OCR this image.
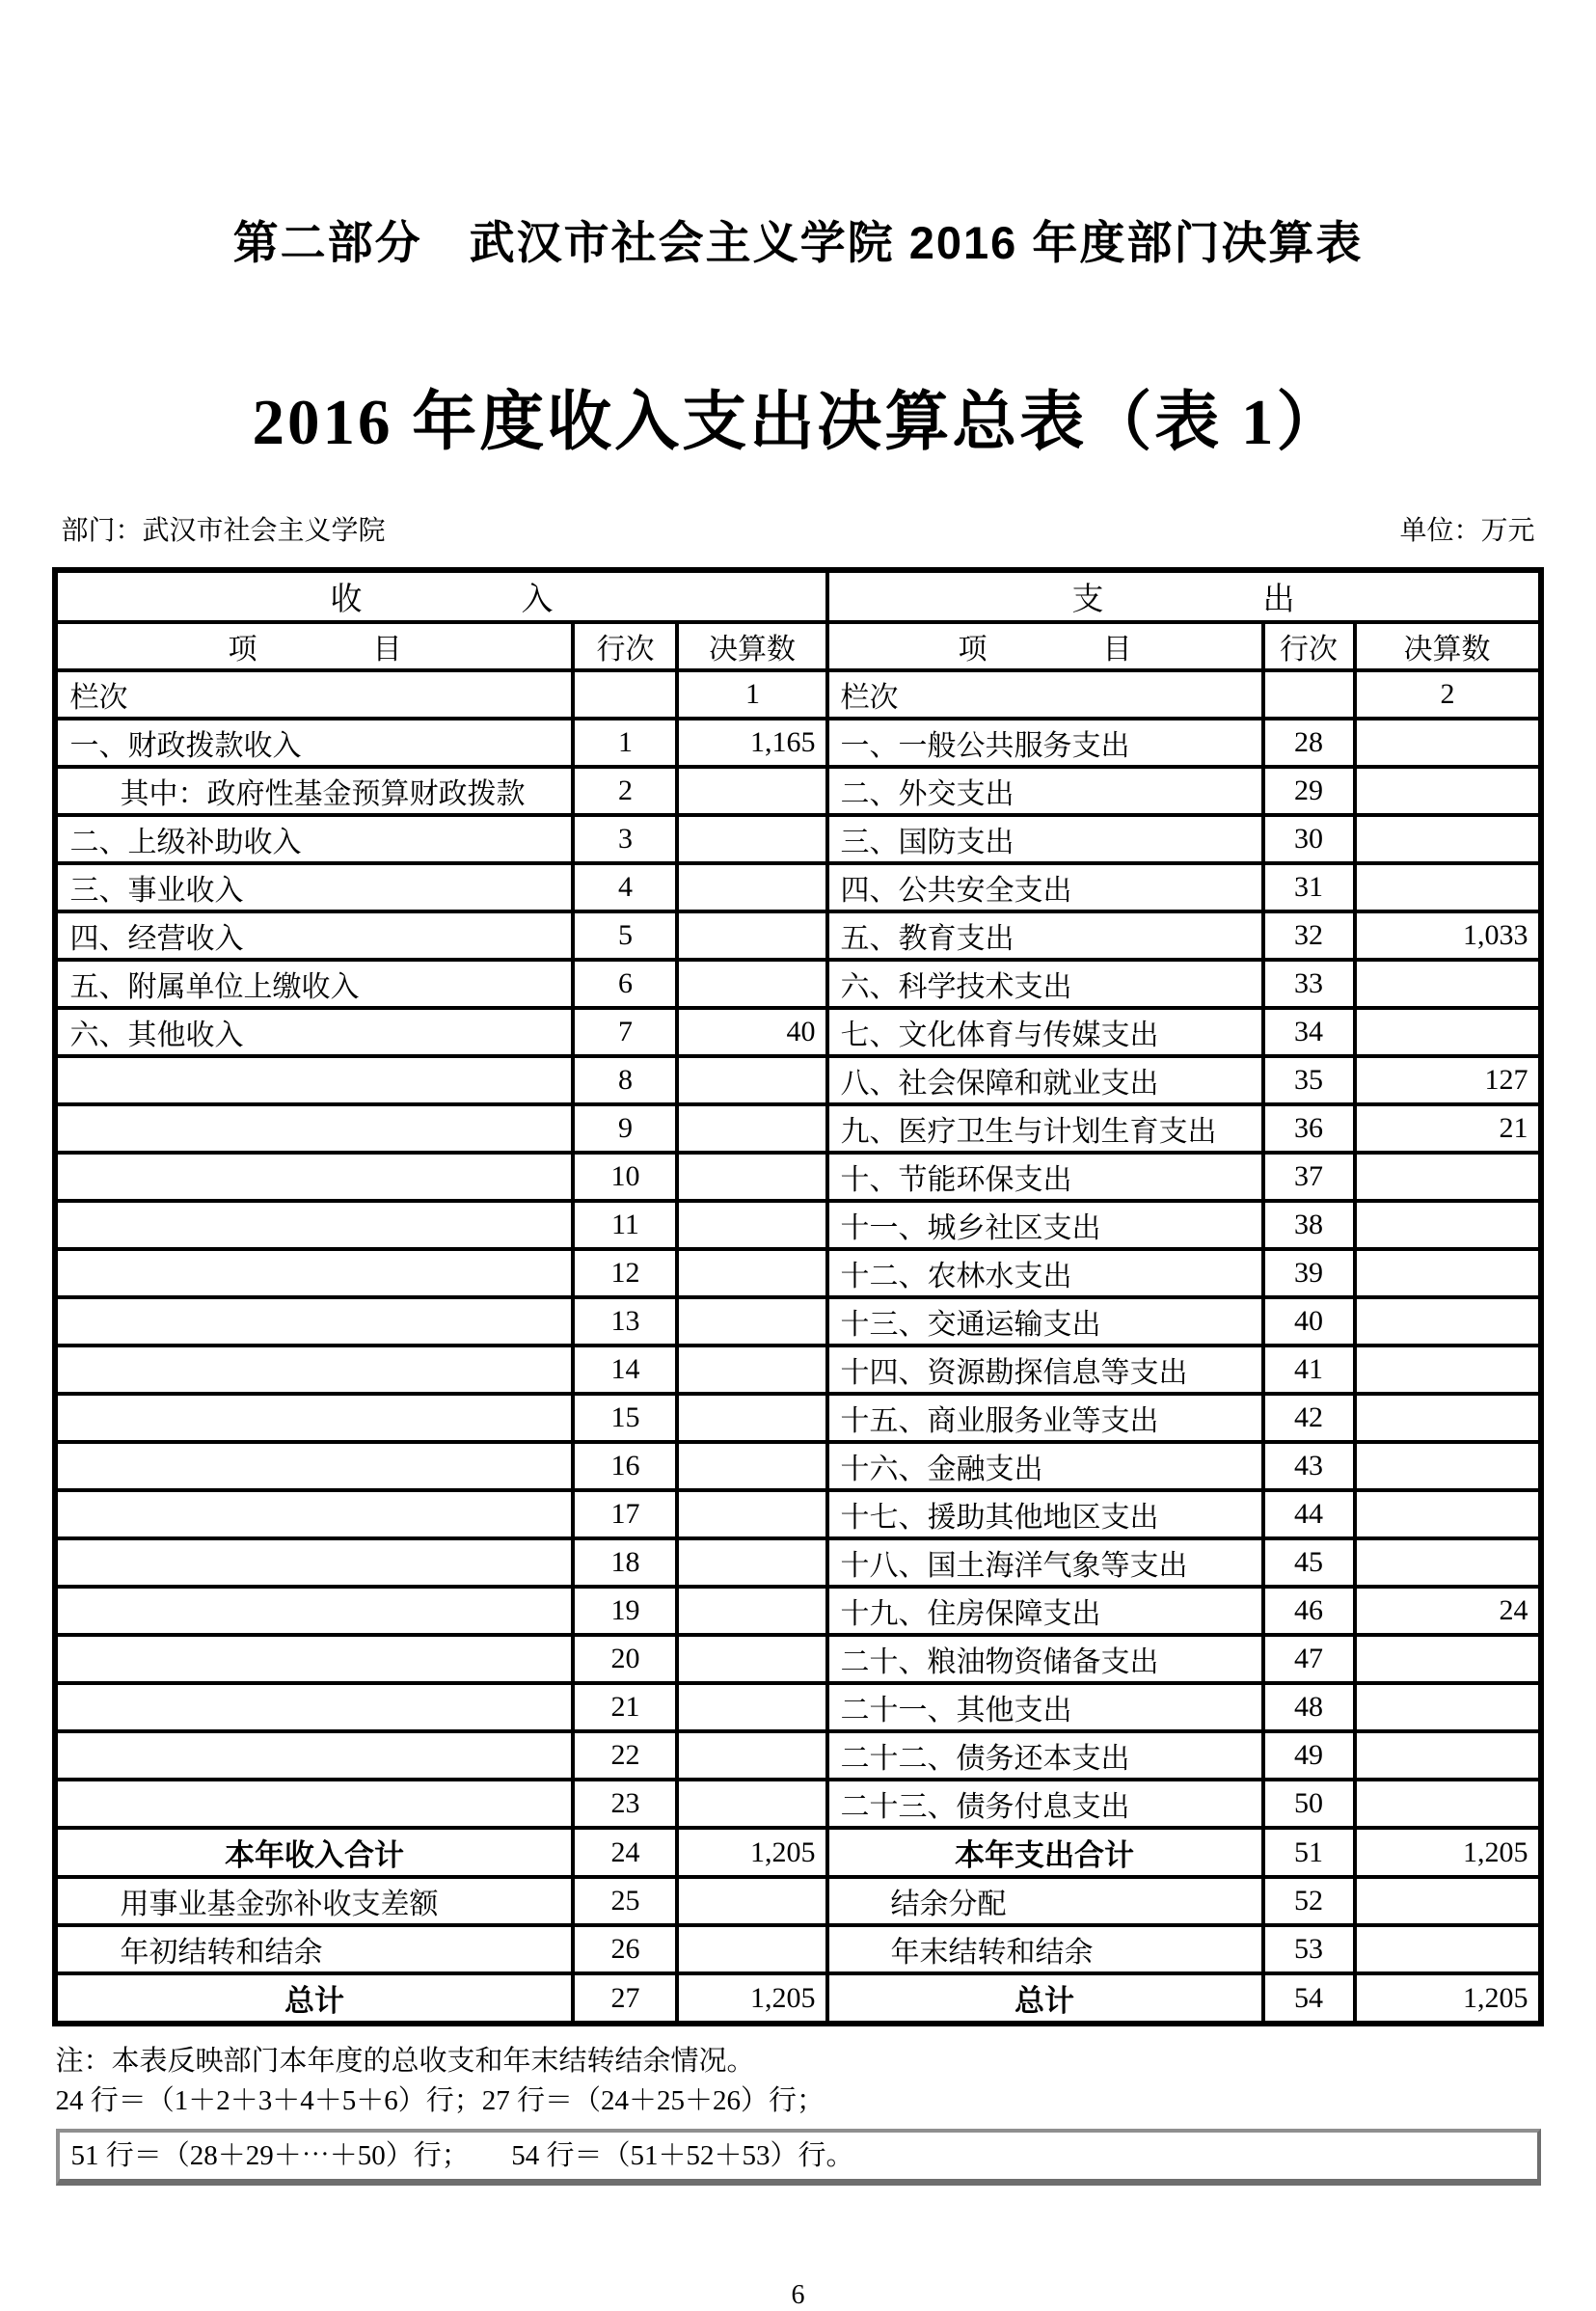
第二部分　武汉市社会主义学院 2016 年度部门决算表
2016 年度收入支出决算总表（表 1）
部门：武汉市社会主义学院	单位：万元
收　　　　　入			支　　　　　出		
项　　　　目	行次	决算数	项　　　　目	行次	决算数
栏次		1	栏次		2
一、财政拨款收入	1	1,165	一、一般公共服务支出	28	
其中：政府性基金预算财政拨款	2		二、外交支出	29	
二、上级补助收入	3		三、国防支出	30	
三、事业收入	4		四、公共安全支出	31	
四、经营收入	5		五、教育支出	32	1,033
五、附属单位上缴收入	6		六、科学技术支出	33	
六、其他收入	7	40	七、文化体育与传媒支出	34	
	8		八、社会保障和就业支出	35	127
	9		九、医疗卫生与计划生育支出	36	21
	10		十、节能环保支出	37	
	11		十一、城乡社区支出	38	
	12		十二、农林水支出	39	
	13		十三、交通运输支出	40	
	14		十四、资源勘探信息等支出	41	
	15		十五、商业服务业等支出	42	
	16		十六、金融支出	43	
	17		十七、援助其他地区支出	44	
	18		十八、国土海洋气象等支出	45	
	19		十九、住房保障支出	46	24
	20		二十、粮油物资储备支出	47	
	21		二十一、其他支出	48	
	22		二十二、债务还本支出	49	
	23		二十三、债务付息支出	50	
本年收入合计	24	1,205	本年支出合计	51	1,205
用事业基金弥补收支差额	25		结余分配	52	
年初结转和结余	26		年末结转和结余	53	
总计	27	1,205	总计	54	1,205

注：本表反映部门本年度的总收支和年末结转结余情况。

24 行＝（1＋2＋3＋4＋5＋6）行；27 行＝（24＋25＋26）行；

51 行＝（28＋29＋⋯＋50）行；　　54 行＝（51＋52＋53）行。
6
